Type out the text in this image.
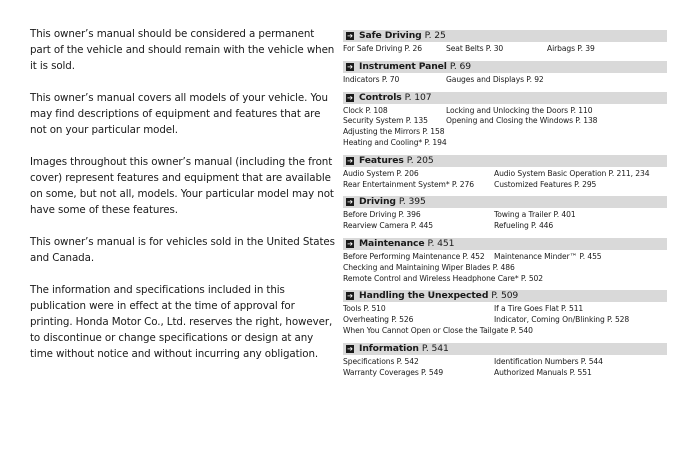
This owner’s manual should be considered a permanent part of the vehicle and should remain with the vehicle when it is sold.

This owner’s manual covers all models of your vehicle. You may find descriptions of equipment and features that are not on your particular model.

Images throughout this owner’s manual (including the front cover) represent features and equipment that are available on some, but not all, models. Your particular model may not have some of these features.

This owner’s manual is for vehicles sold in the United States and Canada.

The information and specifications included in this publication were in effect at the time of approval for printing. Honda Motor Co., Ltd. reserves the right, however, to discontinue or change specifications or design at any time without notice and without incurring any obligation.

➔ Safe Driving P. 25
For Safe Driving P. 26	Seat Belts P. 30	Airbags P. 39
➔ Instrument Panel P. 69
Indicators P. 70	Gauges and Displays P. 92
➔ Controls P. 107
Clock P. 108	Locking and Unlocking the Doors P. 110
Security System P. 135	Opening and Closing the Windows P. 138
Adjusting the Mirrors P. 158
Heating and Cooling* P. 194
➔ Features P. 205
Audio System P. 206	Audio System Basic Operation P. 211, 234
Rear Entertainment System* P. 276	Customized Features P. 295
➔ Driving P. 395
Before Driving P. 396	Towing a Trailer P. 401
Rearview Camera P. 445	Refueling P. 446
➔ Maintenance P. 451
Before Performing Maintenance P. 452	Maintenance Minder™ P. 455
Checking and Maintaining Wiper Blades P. 486
Remote Control and Wireless Headphone Care* P. 502
➔ Handling the Unexpected P. 509
Tools P. 510	If a Tire Goes Flat P. 511
Overheating P. 526	Indicator, Coming On/Blinking P. 528
When You Cannot Open or Close the Tailgate P. 540
➔ Information P. 541
Specifications P. 542	Identification Numbers P. 544
Warranty Coverages P. 549	Authorized Manuals P. 551
